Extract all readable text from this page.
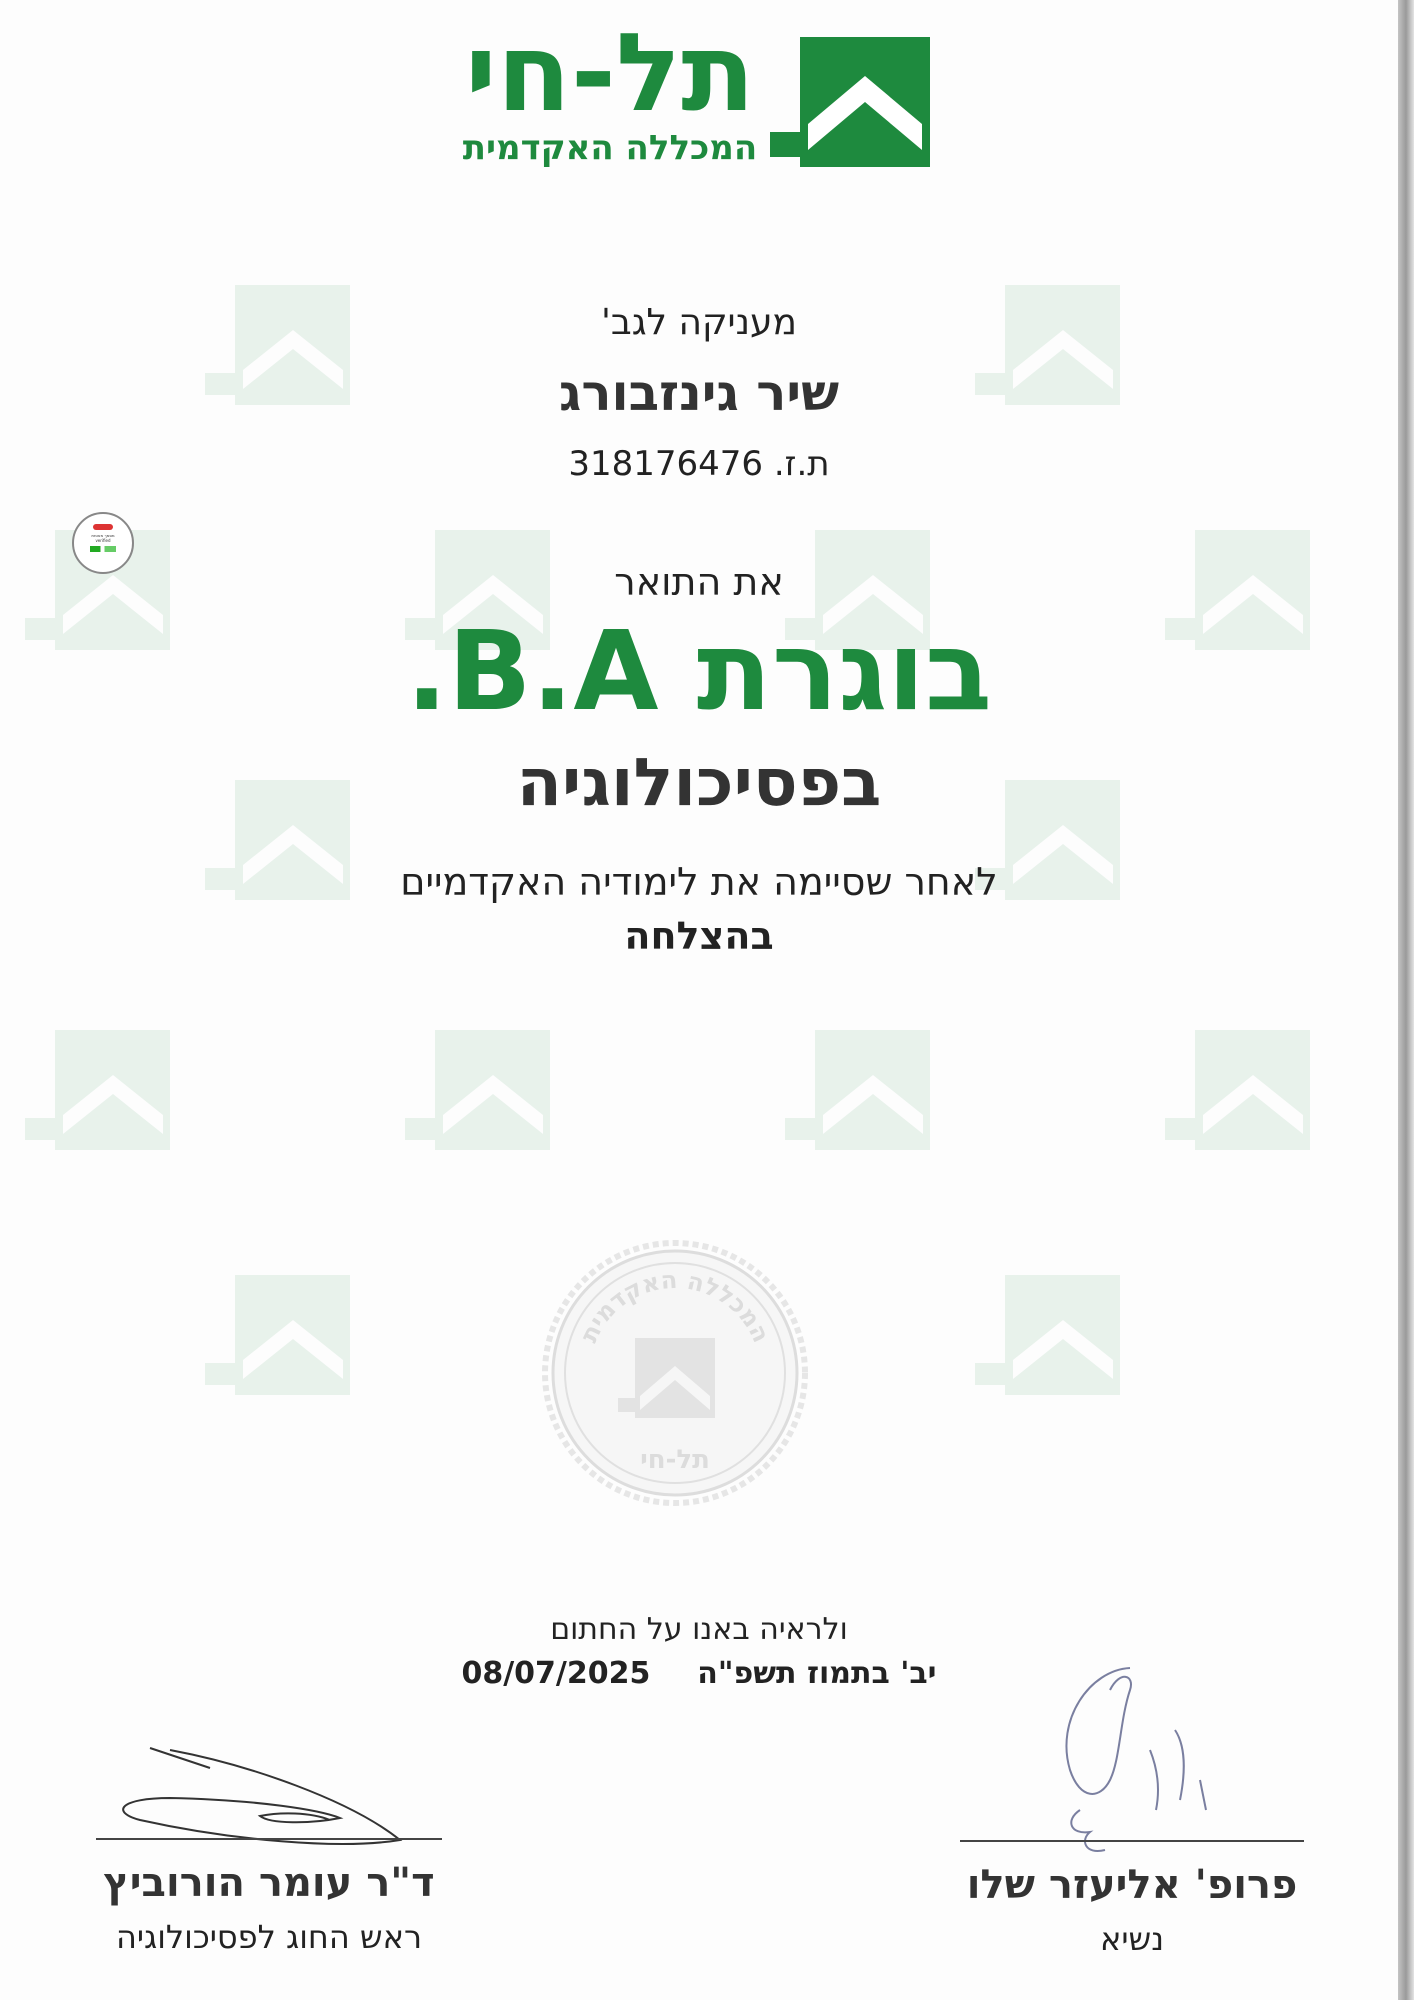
תל-חי
המכללה האקדמית
מעניקה לגב'
שיר גינזבורג
ת.ז. 318176476
מסמך מאומת
verified
את התואר
בוגרת B.A.
בפסיכולוגיה
לאחר שסיימה את לימודיה האקדמיים
בהצלחה
המכללה האקדמית
תל-חי
ולראיה באנו על החתום
יב' בתמוז תשפ"ה  08/07/2025
ד"ר עומר הורוביץ
ראש החוג לפסיכולוגיה
פרופ' אליעזר שלו
נשיא
